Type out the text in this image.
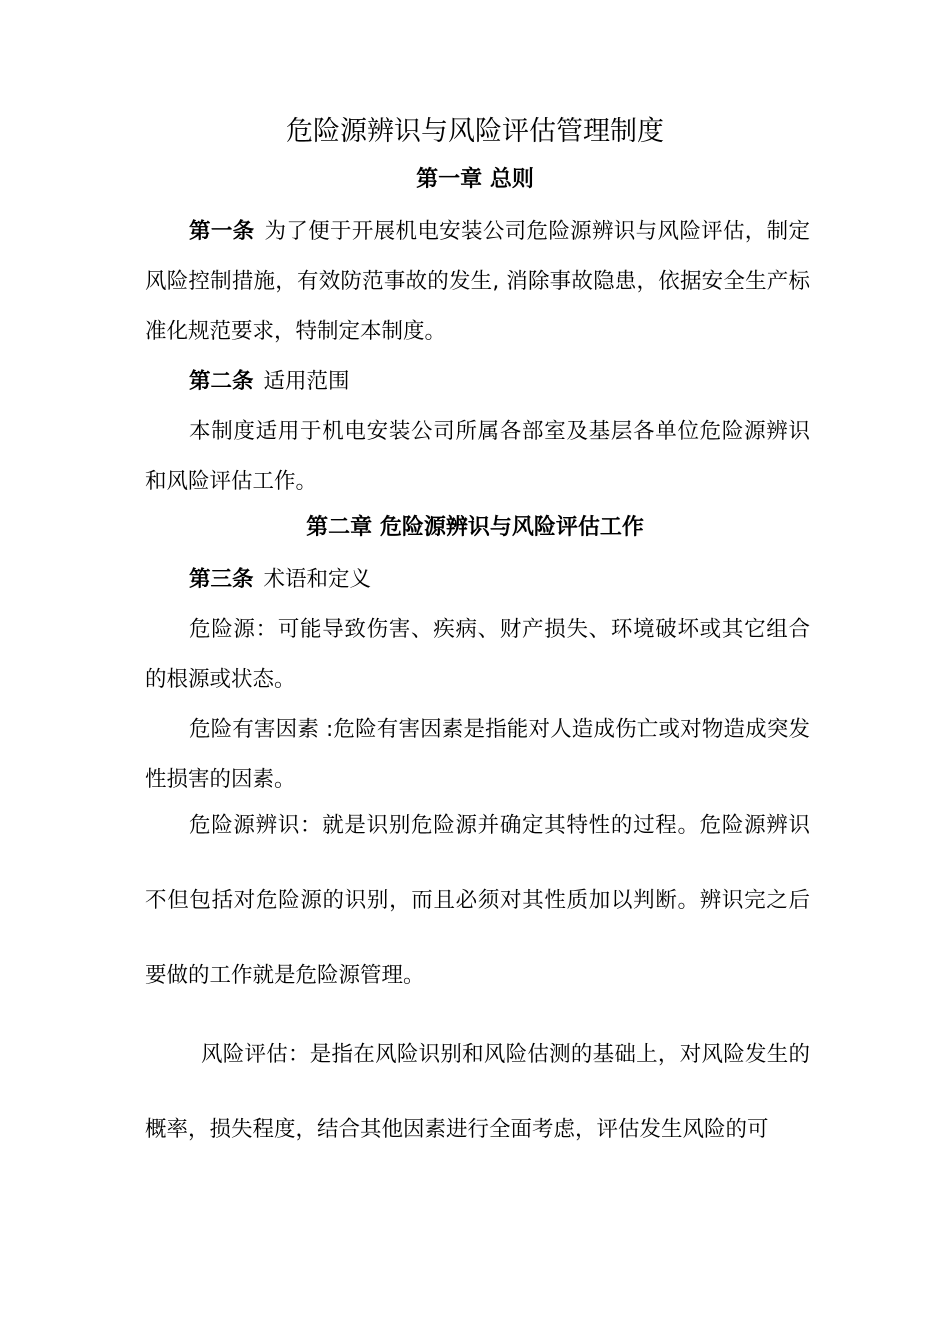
危险源辨识与风险评估管理制度
第一章 总则
第一条 为了便于开展机电安装公司危险源辨识与风险评估，制定风险控制措施，有效防范事故的发生, 消除事故隐患，依据安全生产标准化规范要求，特制定本制度。
第二条 适用范围
本制度适用于机电安装公司所属各部室及基层各单位危险源辨识和风险评估工作。
第二章 危险源辨识与风险评估工作
第三条 术语和定义
危险源：可能导致伤害、疾病、财产损失、环境破坏或其它组合的根源或状态。
危险有害因素 :危险有害因素是指能对人造成伤亡或对物造成突发性损害的因素。
危险源辨识：就是识别危险源并确定其特性的过程。危险源辨识不但包括对危险源的识别，而且必须对其性质加以判断。辨识完之后要做的工作就是危险源管理。
风险评估：是指在风险识别和风险估测的基础上，对风险发生的概率，损失程度，结合其他因素进行全面考虑，评估发生风险的可
